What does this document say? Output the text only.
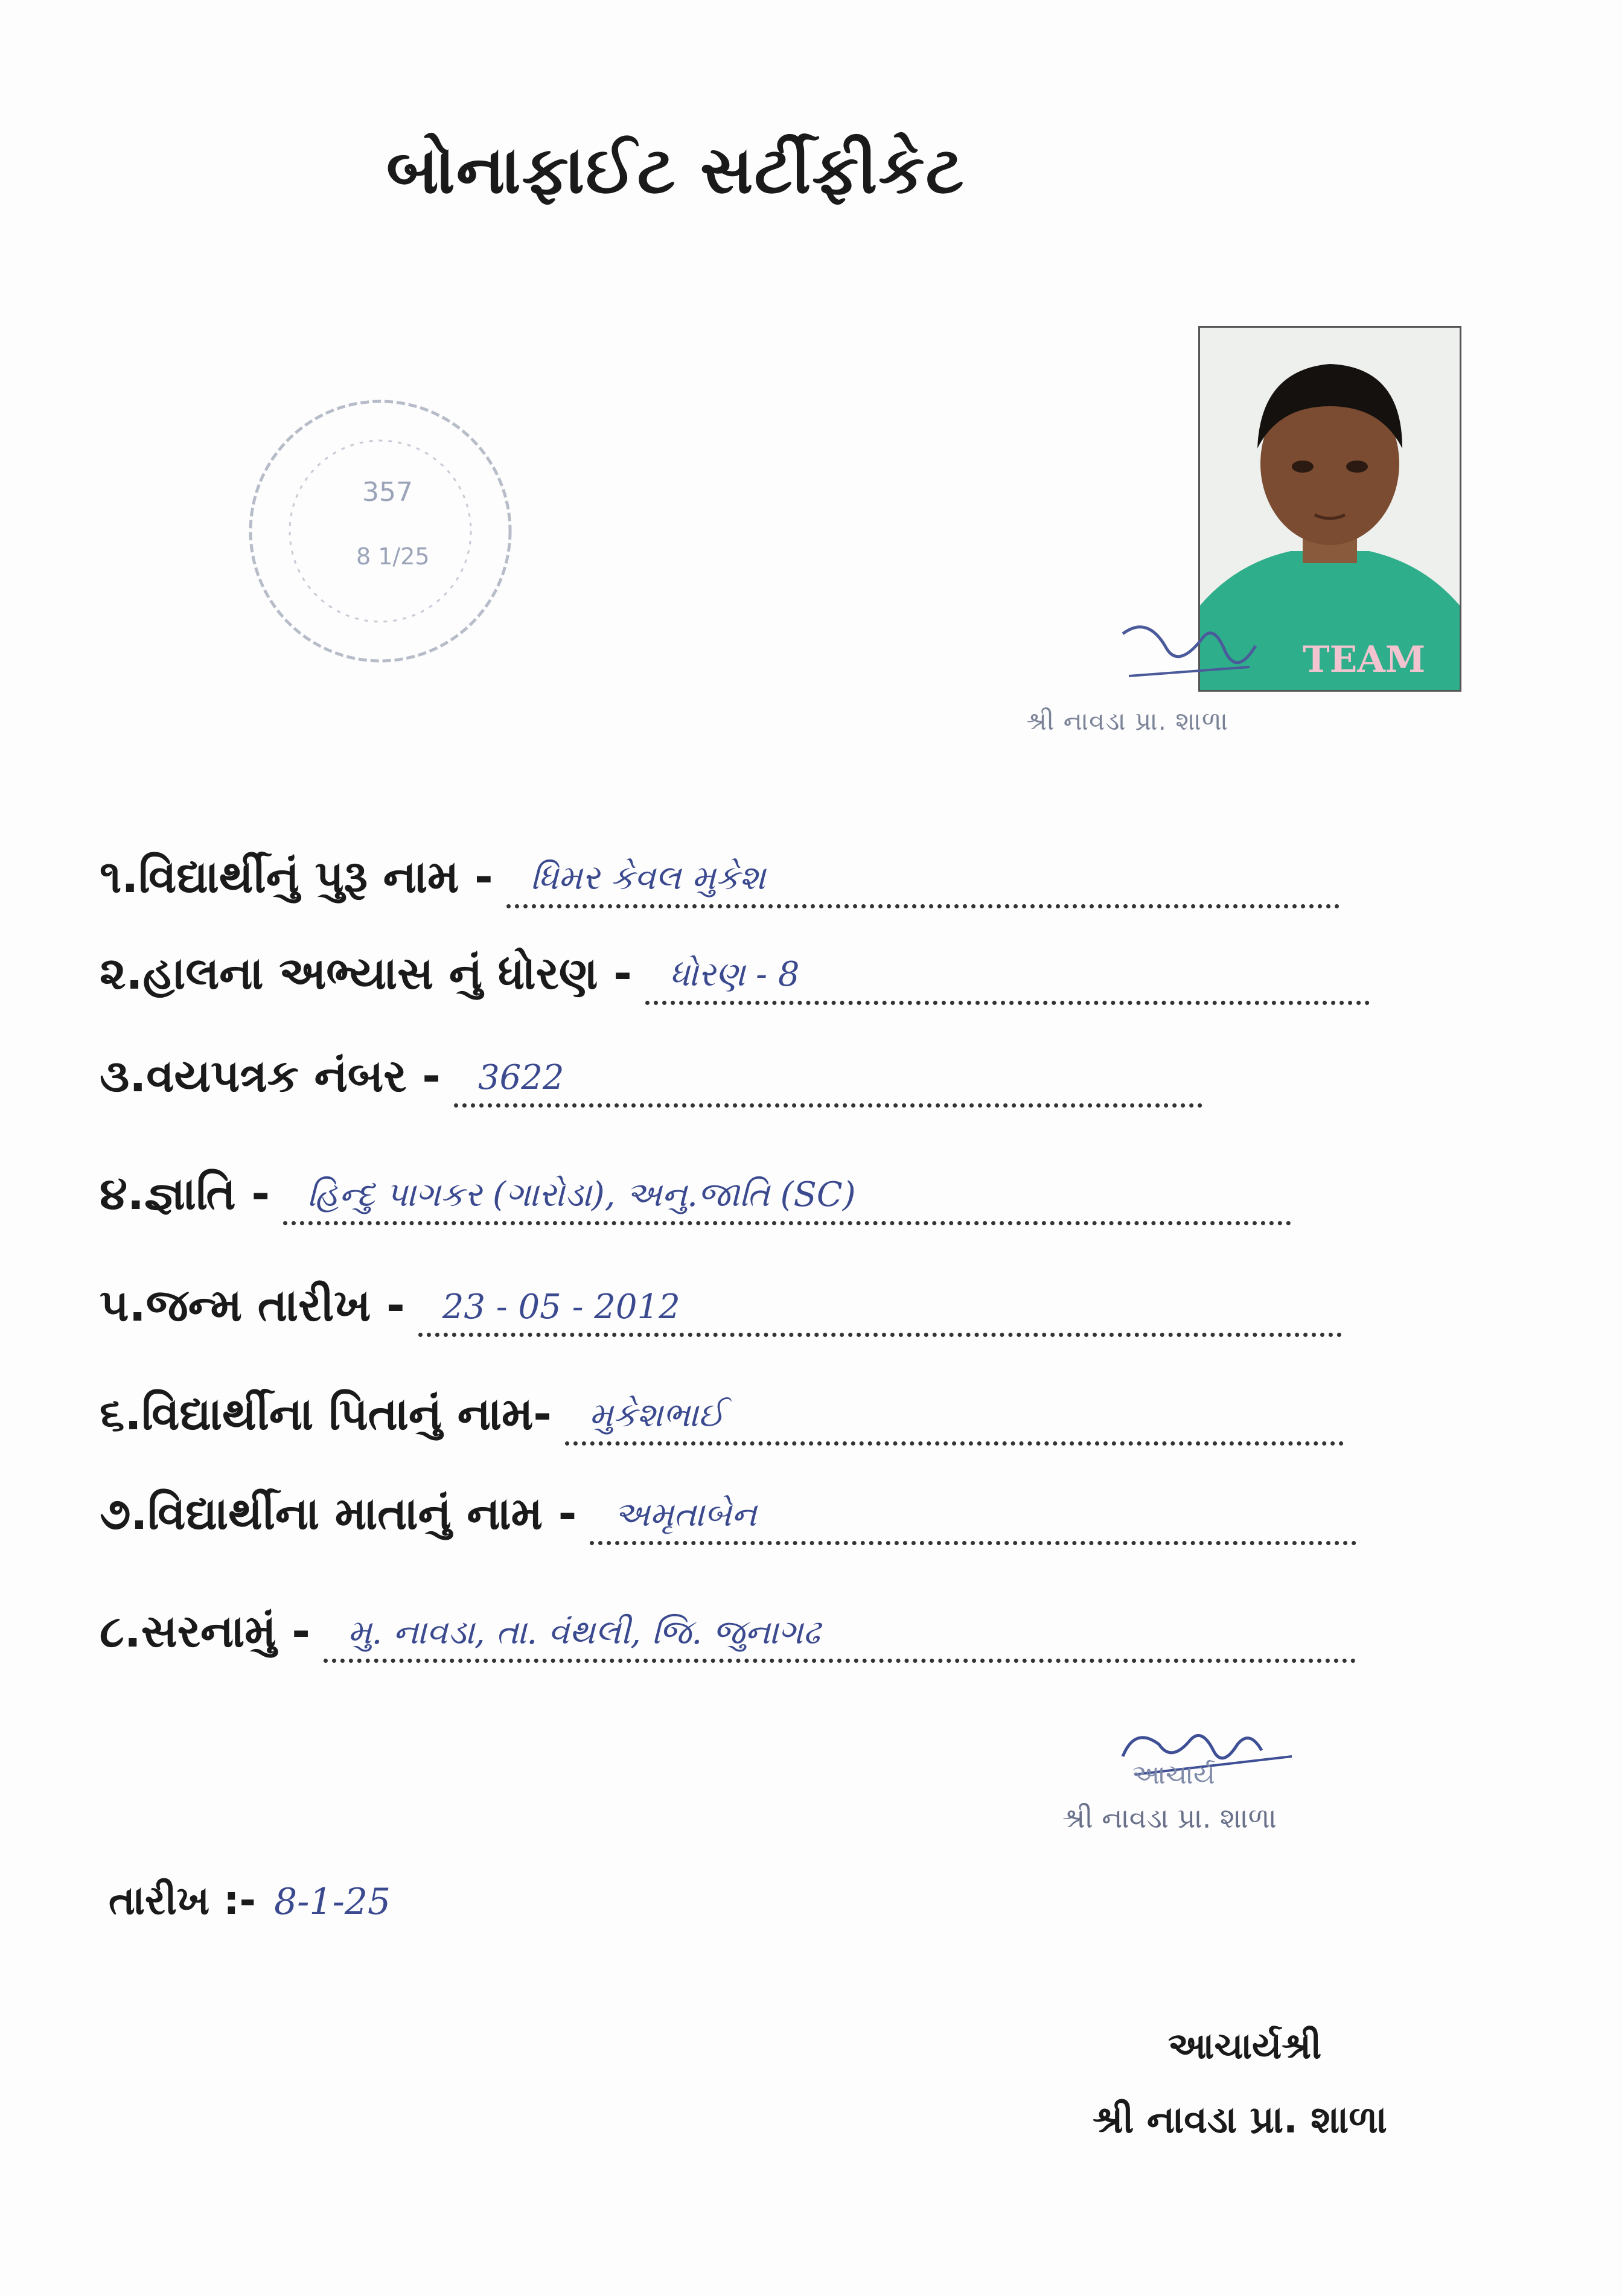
બોનાફાઈટ સર્ટીફીકેટ
357
8 1/25
TEAM
શ્રી નાવડા પ્રા. શાળા
૧.વિદ્યાર્થીનું પુરૂ નામ - ધિમર કેવલ મુકેશ
૨.હાલના અભ્યાસ નું ધોરણ - ધોરણ - 8
૩.વયપત્રક નંબર - 3622
૪.જ્ઞાતિ - હિન્દુ પાગકર (ગારોડા), અનુ.જાતિ (SC)
૫.જન્મ તારીખ - 23 - 05 - 2012
૬.વિદ્યાર્થીના પિતાનું નામ- મુકેશભાઈ
૭.વિદ્યાર્થીના માતાનું નામ - અમૃતાબેન
૮.સરનામું - મુ. નાવડા, તા. વંથલી, જિ. જુનાગઢ
આચાર્ય
શ્રી નાવડા પ્રા. શાળા
તારીખ :- 8-1-25
આચાર્યશ્રી
શ્રી નાવડા પ્રા. શાળા
